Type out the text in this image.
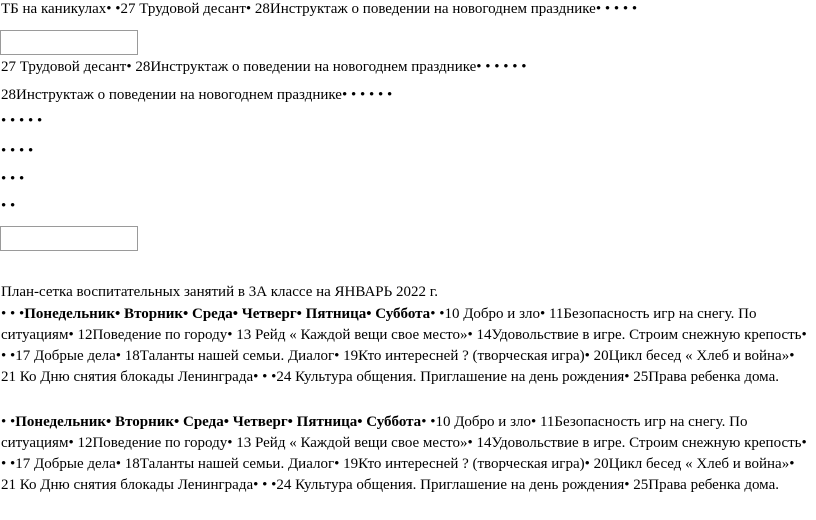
ТБ на каникулах• •27 Трудовой десант• 28Инструктаж о поведении на новогоднем празднике• • • • •
27 Трудовой десант• 28Инструктаж о поведении на новогоднем празднике• • • • • •
28Инструктаж о поведении на новогоднем празднике• • • • • •
• • • • •
• • • •
• • •
• •
План-сетка воспитательных занятий в 3А классе на ЯНВАРЬ 2022 г.
• • •Понедельник• Вторник• Среда• Четверг• Пятница• Суббота• •10 Добро и зло• 11Безопасность игр на снегу. По ситуациям• 12Поведение по городу• 13 Рейд « Каждой вещи свое место»• 14Удовольствие в игре. Строим снежную крепость• • •17 Добрые дела• 18Таланты нашей семьи. Диалог• 19Кто интересней ? (творческая игра)• 20Цикл бесед « Хлеб и война»• 21 Ко Дню снятия блокады Ленинграда• • •24 Культура общения. Приглашение на день рождения• 25Права ребенка дома.
• •Понедельник• Вторник• Среда• Четверг• Пятница• Суббота• •10 Добро и зло• 11Безопасность игр на снегу. По ситуациям• 12Поведение по городу• 13 Рейд « Каждой вещи свое место»• 14Удовольствие в игре. Строим снежную крепость• • •17 Добрые дела• 18Таланты нашей семьи. Диалог• 19Кто интересней ? (творческая игра)• 20Цикл бесед « Хлеб и война»• 21 Ко Дню снятия блокады Ленинграда• • •24 Культура общения. Приглашение на день рождения• 25Права ребенка дома.
